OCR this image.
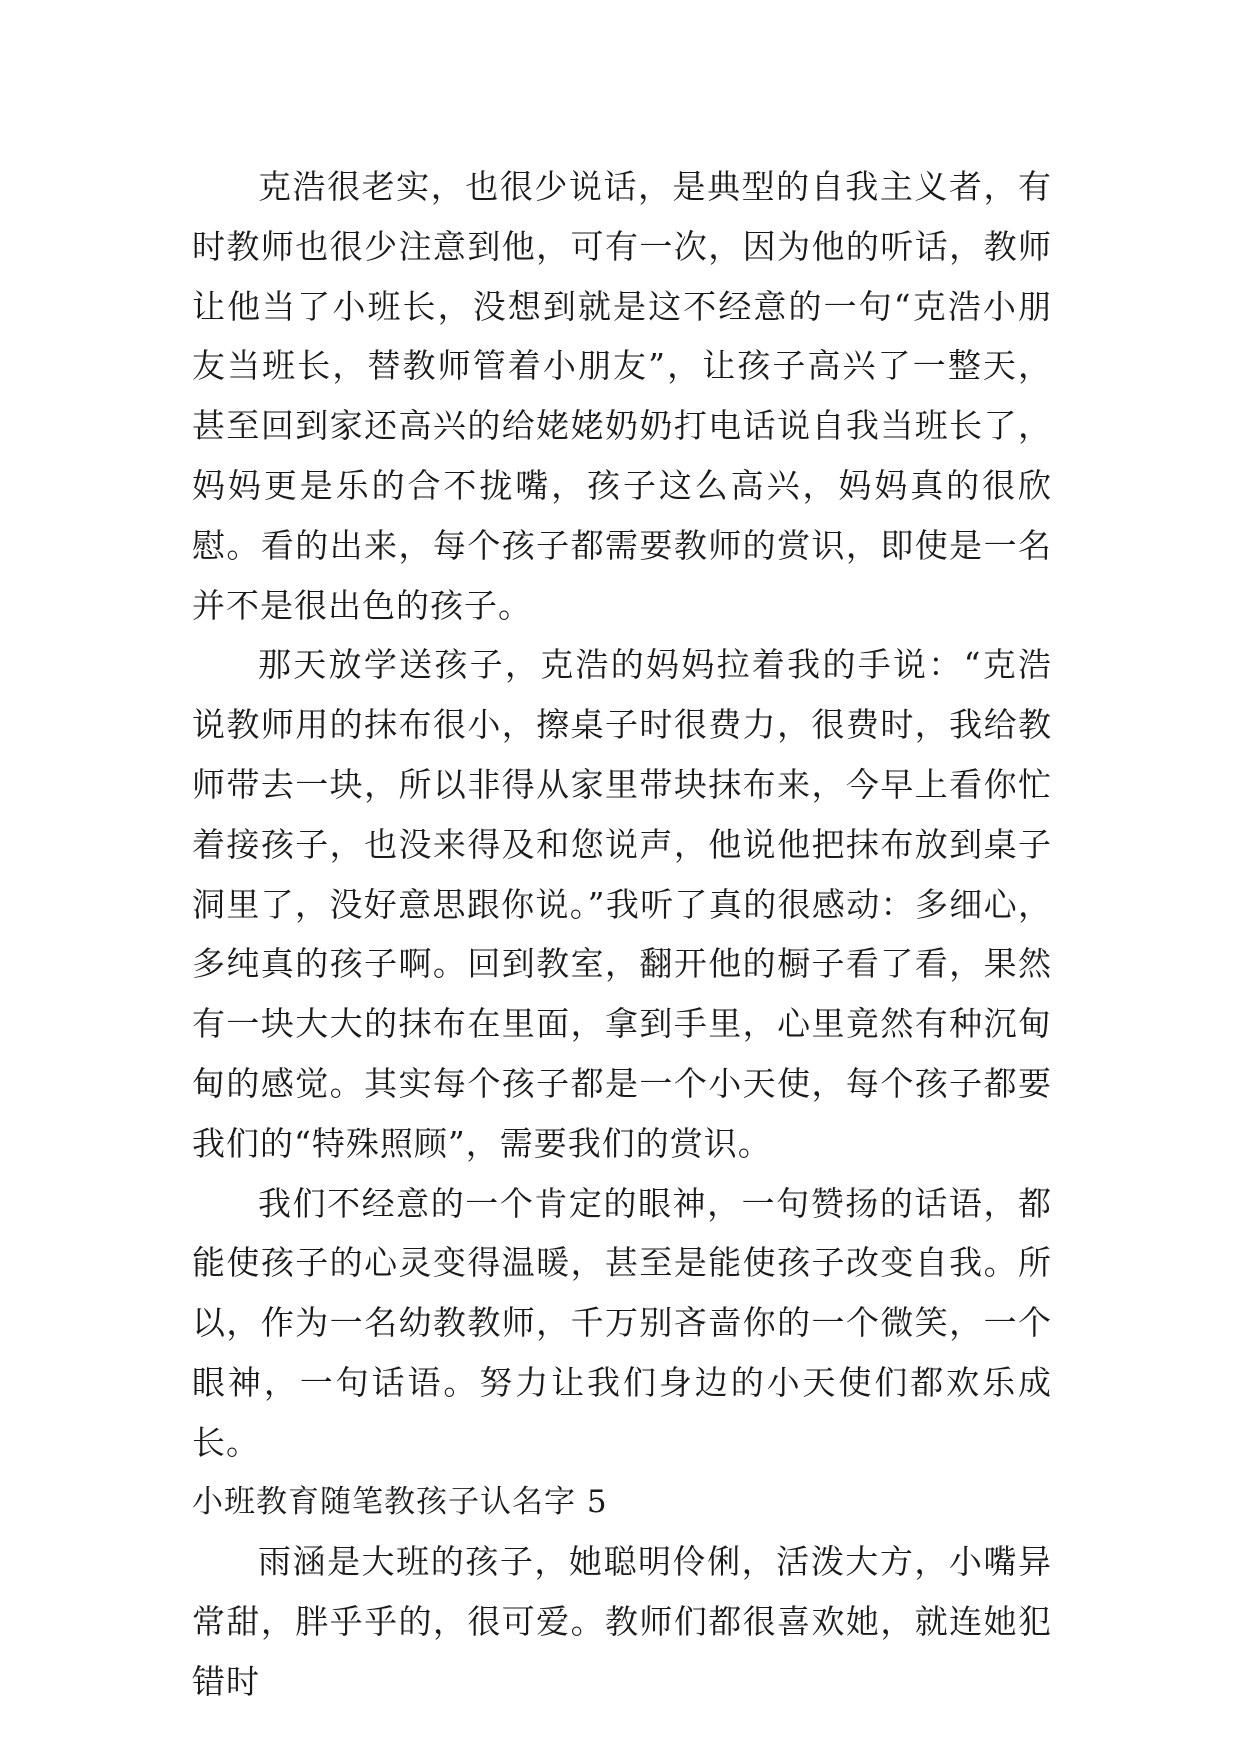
克浩很老实，也很少说话，是典型的自我主义者，有时教师也很少注意到他，可有一次，因为他的听话，教师让他当了小班长，没想到就是这不经意的一句“克浩小朋友当班长，替教师管着小朋友”，让孩子高兴了一整天，甚至回到家还高兴的给姥姥奶奶打电话说自我当班长了，妈妈更是乐的合不拢嘴，孩子这么高兴，妈妈真的很欣慰。看的出来，每个孩子都需要教师的赏识，即使是一名并不是很出色的孩子。

那天放学送孩子，克浩的妈妈拉着我的手说：“克浩说教师用的抹布很小，擦桌子时很费力，很费时，我给教师带去一块，所以非得从家里带块抹布来，今早上看你忙着接孩子，也没来得及和您说声，他说他把抹布放到桌子洞里了，没好意思跟你说。”我听了真的很感动：多细心，多纯真的孩子啊。回到教室，翻开他的橱子看了看，果然有一块大大的抹布在里面，拿到手里，心里竟然有种沉甸甸的感觉。其实每个孩子都是一个小天使，每个孩子都要我们的“特殊照顾”，需要我们的赏识。

我们不经意的一个肯定的眼神，一句赞扬的话语，都能使孩子的心灵变得温暖，甚至是能使孩子改变自我。所以，作为一名幼教教师，千万别吝啬你的一个微笑，一个眼神，一句话语。努力让我们身边的小天使们都欢乐成长。

小班教育随笔教孩子认名字 5

雨涵是大班的孩子，她聪明伶俐，活泼大方，小嘴异常甜，胖乎乎的，很可爱。教师们都很喜欢她，就连她犯错时
